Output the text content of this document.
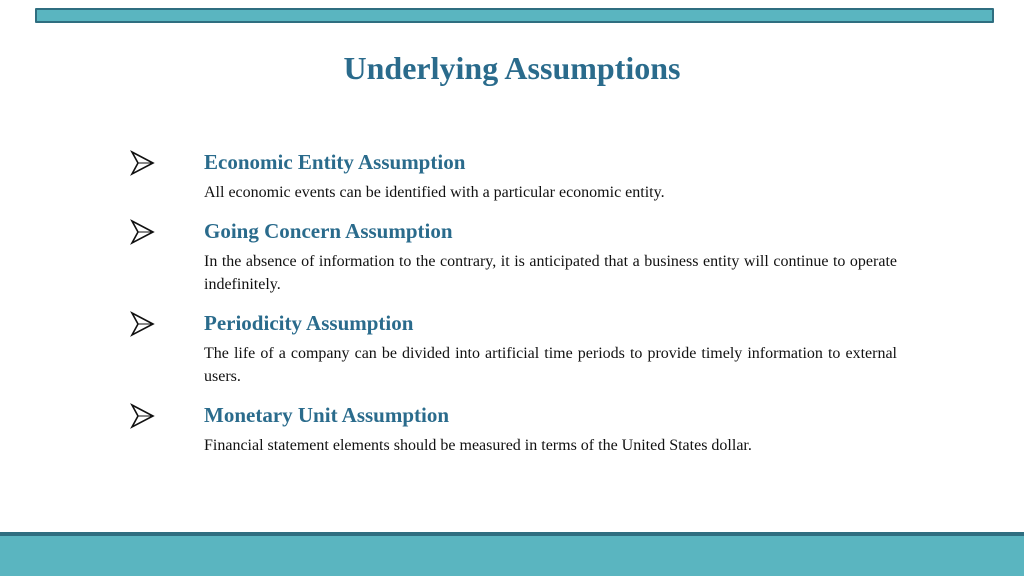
Underlying Assumptions
Economic Entity Assumption
All economic events can be identified with a particular economic entity.
Going Concern Assumption
In the absence of information to the contrary, it is anticipated that a business entity will continue to operate indefinitely.
Periodicity Assumption
The life of a company can be divided into artificial time periods to provide timely information to external users.
Monetary Unit Assumption
Financial statement elements should be measured in terms of the United States dollar.
